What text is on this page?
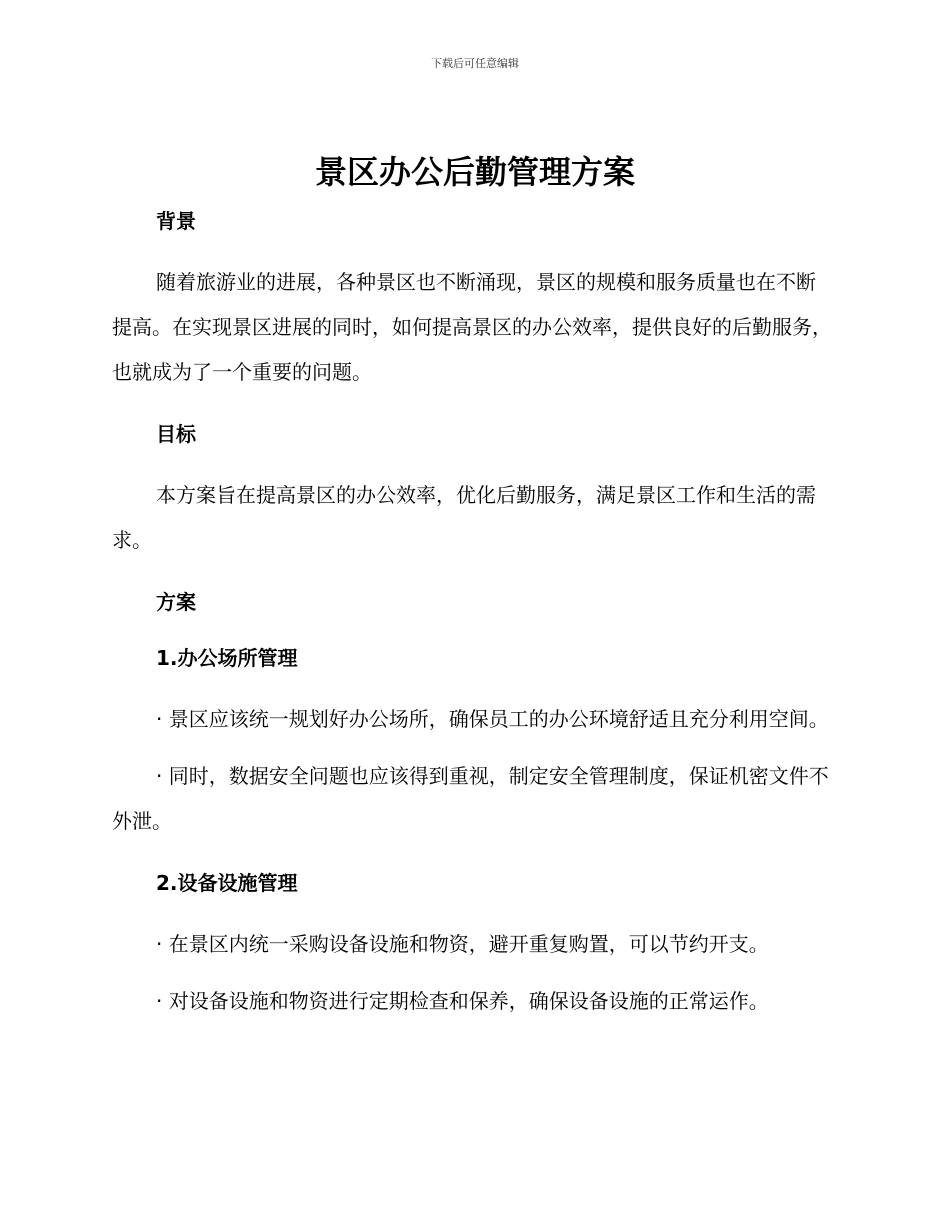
下载后可任意编辑
景区办公后勤管理方案
背景

随着旅游业的进展，各种景区也不断涌现，景区的规模和服务质量也在不断提高。在实现景区进展的同时，如何提高景区的办公效率，提供良好的后勤服务，也就成为了一个重要的问题。

目标

本方案旨在提高景区的办公效率，优化后勤服务，满足景区工作和生活的需求。

方案
1.办公场所管理

· 景区应该统一规划好办公场所，确保员工的办公环境舒适且充分利用空间。

· 同时，数据安全问题也应该得到重视，制定安全管理制度，保证机密文件不外泄。

2.设备设施管理

· 在景区内统一采购设备设施和物资，避开重复购置，可以节约开支。

· 对设备设施和物资进行定期检查和保养，确保设备设施的正常运作。
